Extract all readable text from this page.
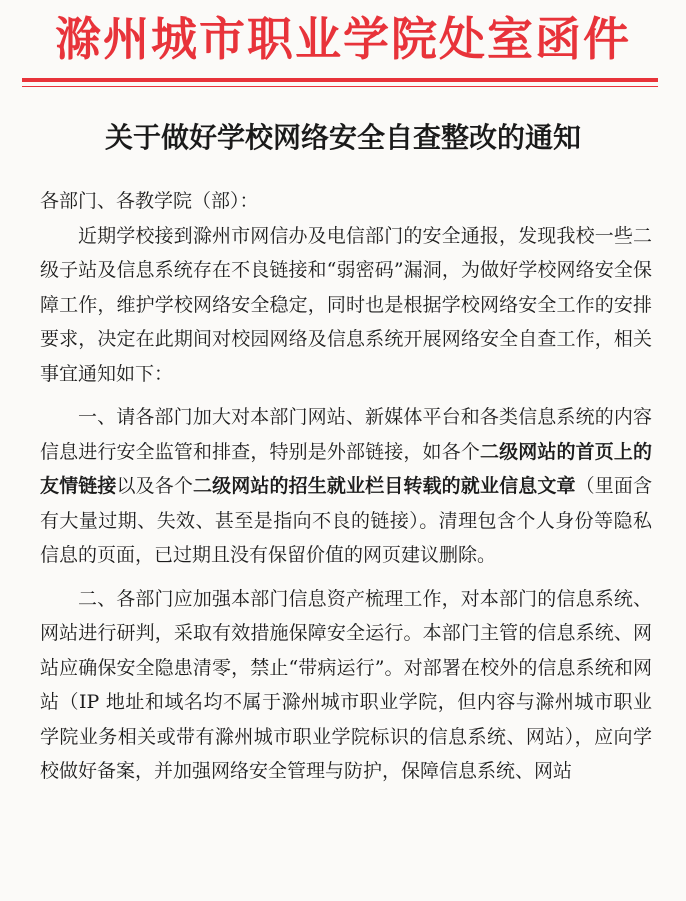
滁州城市职业学院处室函件
关于做好学校网络安全自查整改的通知

各部门、各教学院（部）：

近期学校接到滁州市网信办及电信部门的安全通报，发现我校一些二级子站及信息系统存在不良链接和“弱密码”漏洞，为做好学校网络安全保障工作，维护学校网络安全稳定，同时也是根据学校网络安全工作的安排要求，决定在此期间对校园网络及信息系统开展网络安全自查工作，相关事宜通知如下：

一、请各部门加大对本部门网站、新媒体平台和各类信息系统的内容信息进行安全监管和排查，特别是外部链接，如各个二级网站的首页上的友情链接以及各个二级网站的招生就业栏目转载的就业信息文章（里面含有大量过期、失效、甚至是指向不良的链接）。清理包含个人身份等隐私信息的页面，已过期且没有保留价值的网页建议删除。

二、各部门应加强本部门信息资产梳理工作，对本部门的信息系统、网站进行研判，采取有效措施保障安全运行。本部门主管的信息系统、网站应确保安全隐患清零，禁止“带病运行”。对部署在校外的信息系统和网站（IP 地址和域名均不属于滁州城市职业学院，但内容与滁州城市职业学院业务相关或带有滁州城市职业学院标识的信息系统、网站），应向学校做好备案，并加强网络安全管理与防护，保障信息系统、网站
